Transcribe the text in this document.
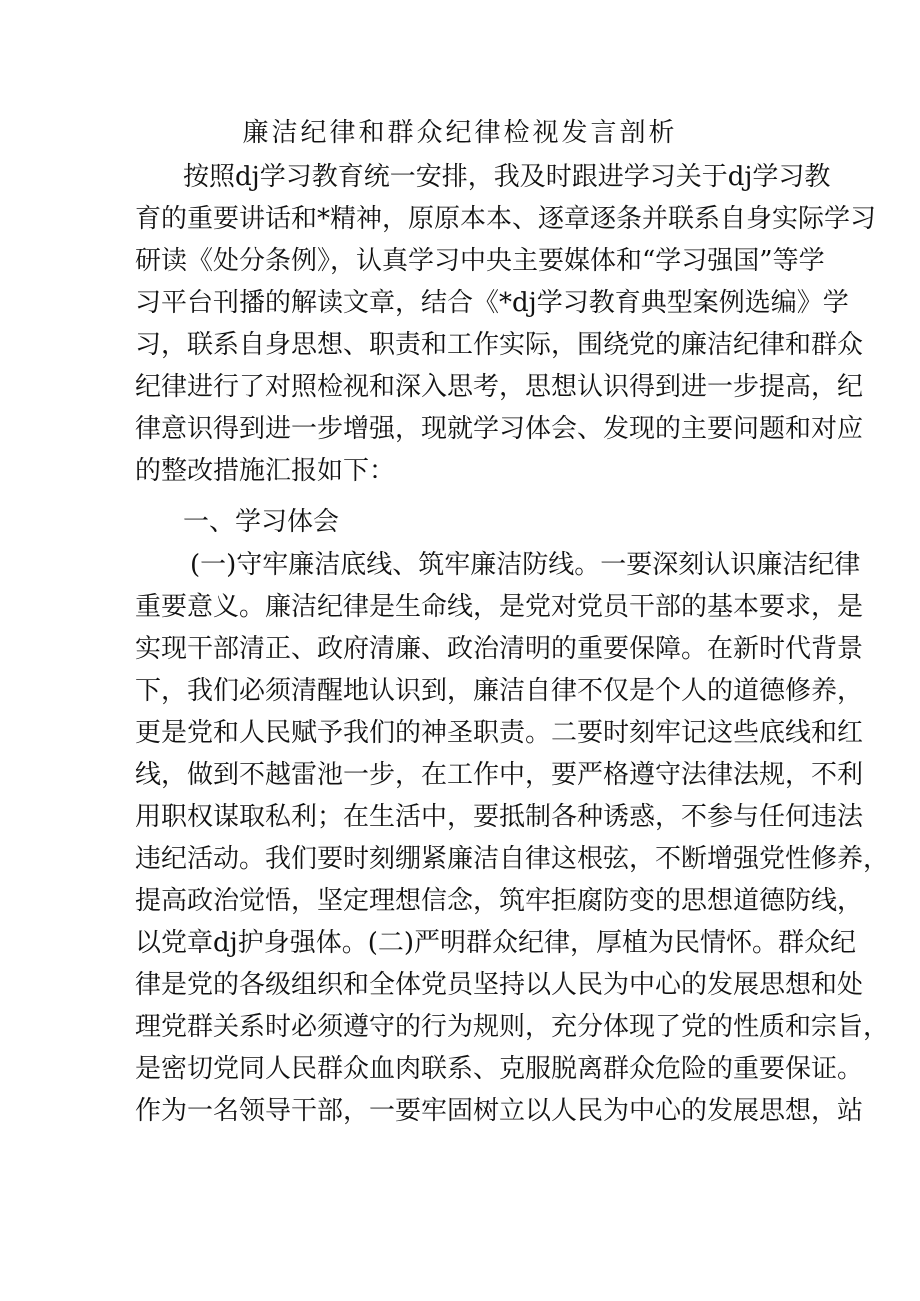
廉洁纪律和群众纪律检视发言剖析
按照dj学习教育统一安排，我及时跟进学习关于dj学习教
育的重要讲话和*精神，原原本本、逐章逐条并联系自身实际学习
研读《处分条例》，认真学习中央主要媒体和“学习强国”等学
习平台刊播的解读文章，结合《*dj学习教育典型案例选编》学
习，联系自身思想、职责和工作实际，围绕党的廉洁纪律和群众
纪律进行了对照检视和深入思考，思想认识得到进一步提高，纪
律意识得到进一步增强，现就学习体会、发现的主要问题和对应
的整改措施汇报如下：
一、学习体会
(一)守牢廉洁底线、筑牢廉洁防线。一要深刻认识廉洁纪律
重要意义。廉洁纪律是生命线，是党对党员干部的基本要求，是
实现干部清正、政府清廉、政治清明的重要保障。在新时代背景
下，我们必须清醒地认识到，廉洁自律不仅是个人的道德修养，
更是党和人民赋予我们的神圣职责。二要时刻牢记这些底线和红
线，做到不越雷池一步，在工作中，要严格遵守法律法规，不利
用职权谋取私利；在生活中，要抵制各种诱惑，不参与任何违法
违纪活动。我们要时刻绷紧廉洁自律这根弦，不断增强党性修养，
提高政治觉悟，坚定理想信念，筑牢拒腐防变的思想道德防线，
以党章dj护身强体。(二)严明群众纪律，厚植为民情怀。群众纪
律是党的各级组织和全体党员坚持以人民为中心的发展思想和处
理党群关系时必须遵守的行为规则，充分体现了党的性质和宗旨，
是密切党同人民群众血肉联系、克服脱离群众危险的重要保证。
作为一名领导干部，一要牢固树立以人民为中心的发展思想，站
